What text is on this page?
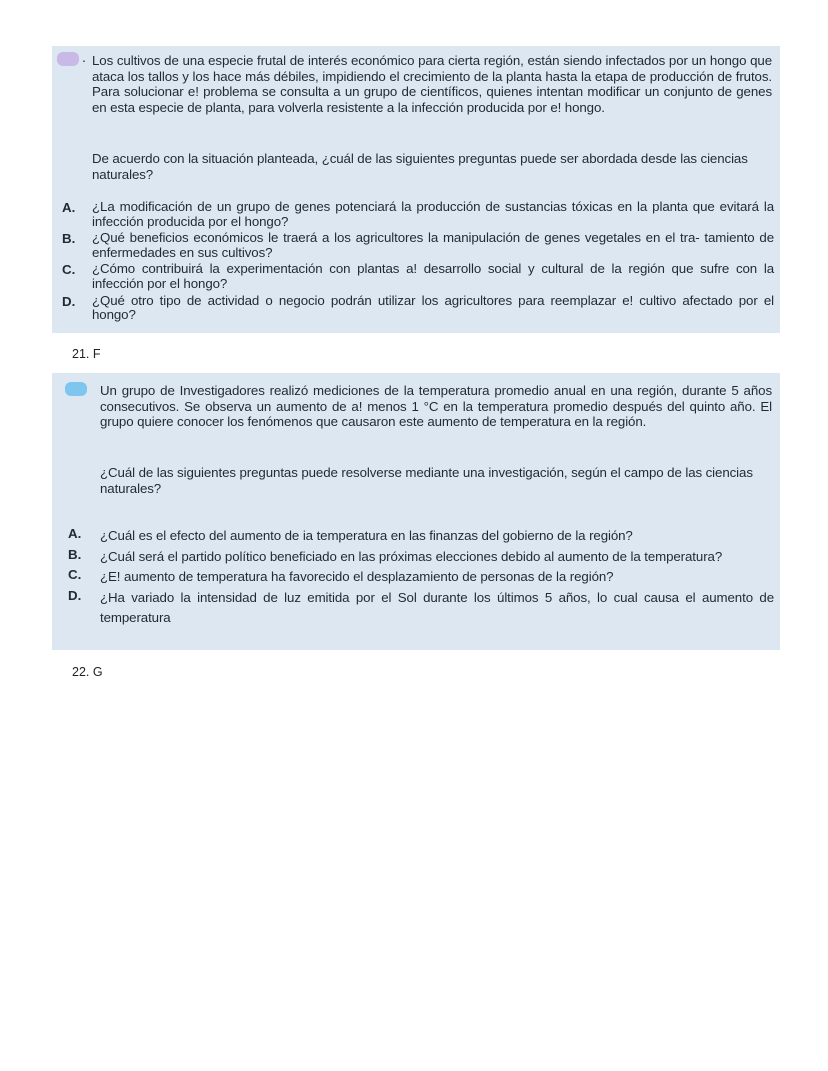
. Los cultivos de una especie frutal de interés económico para cierta región, están siendo infectados por un hongo que ataca los tallos y los hace más débiles, impidiendo el crecimiento de la planta hasta la etapa de producción de frutos. Para solucionar e! problema se consulta a un grupo de científicos, quienes intentan modificar un conjunto de genes en esta especie de planta, para volverla resistente a la infección producida por e! hongo.

De acuerdo con la situación planteada, ¿cuál de las siguientes preguntas puede ser abordada desde las ciencias naturales?

A. ¿La modificación de un grupo de genes potenciará la producción de sustancias tóxicas en la planta que evitará la infección producida por el hongo?
B. ¿Qué beneficios económicos le traerá a los agricultores la manipulación de genes vegetales en el tra- tamiento de enfermedades en sus cultivos?
C. ¿Cómo contribuirá la experimentación con plantas a! desarrollo social y cultural de la región que sufre con la infección por el hongo?
D. ¿Qué otro tipo de actividad o negocio podrán utilizar los agricultores para reemplazar e! cultivo afectado por el hongo?
21. F

Un grupo de Investigadores realizó mediciones de la temperatura promedio anual en una región, durante 5 años consecutivos. Se observa un aumento de a! menos 1 °C en la temperatura promedio después del quinto año. El grupo quiere conocer los fenómenos que causaron este aumento de temperatura en la región.

¿Cuál de las siguientes preguntas puede resolverse mediante una investigación, según el campo de las ciencias naturales?

A. ¿Cuál es el efecto del aumento de ia temperatura en las finanzas del gobierno de la región?
B. ¿Cuál será el partido político beneficiado en las próximas elecciones debido al aumento de la temperatura?
C. ¿E! aumento de temperatura ha favorecido el desplazamiento de personas de la región?
D. ¿Ha variado la intensidad de luz emitida por el Sol durante los últimos 5 años, lo cual causa el aumento de temperatura
22. G
